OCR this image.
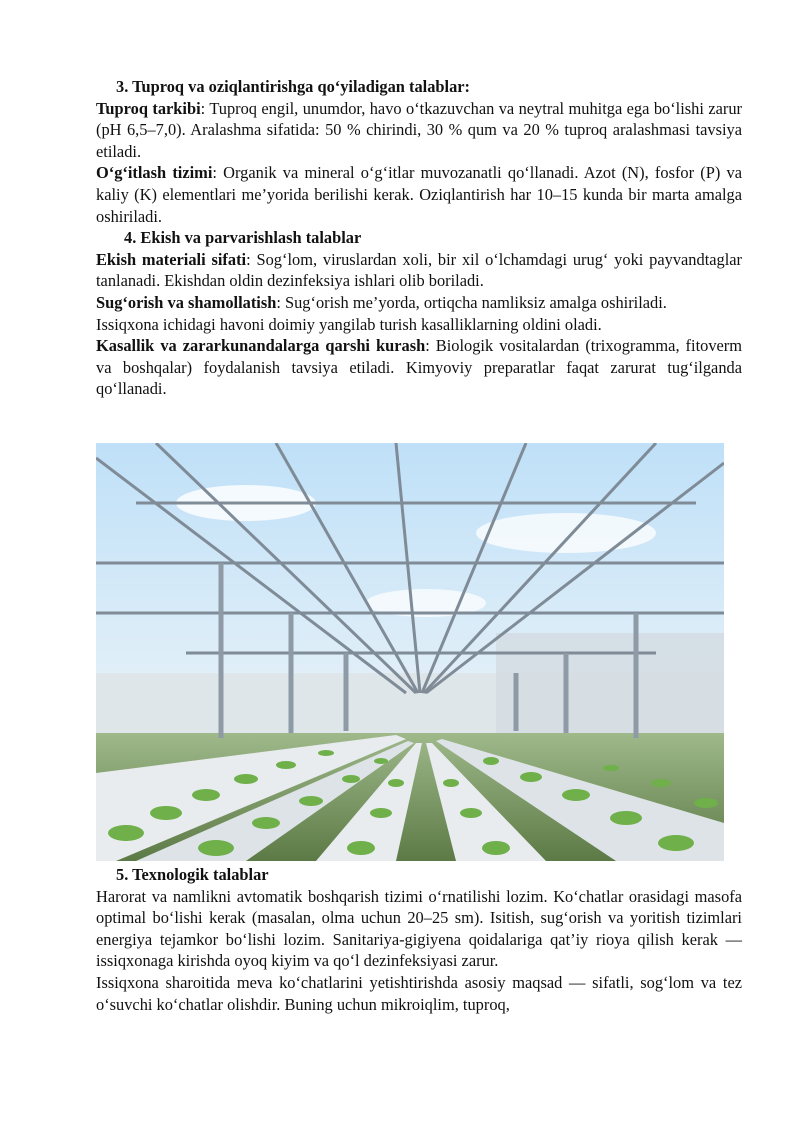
3. Tuproq va oziqlantirishga qo‘yiladigan talablar:

Tuproq tarkibi: Tuproq engil, unumdor, havo o‘tkazuvchan va neytral muhitga ega bo‘lishi zarur (pH 6,5–7,0). Aralashma sifatida: 50 % chirindi, 30 % qum va 20 % tuproq aralashmasi tavsiya etiladi.

O‘g‘itlash tizimi: Organik va mineral o‘g‘itlar muvozanatli qo‘llanadi. Azot (N), fosfor (P) va kaliy (K) elementlari me’yorida berilishi kerak. Oziqlantirish har 10–15 kunda bir marta amalga oshiriladi.

4. Ekish va parvarishlash talablar

Ekish materiali sifati: Sog‘lom, viruslardan xoli, bir xil o‘lchamdagi urug‘ yoki payvandtaglar tanlanadi. Ekishdan oldin dezinfeksiya ishlari olib boriladi.

Sug‘orish va shamollatish: Sug‘orish me’yorda, ortiqcha namliksiz amalga oshiriladi.

Issiqxona ichidagi havoni doimiy yangilab turish kasalliklarning oldini oladi.

Kasallik va zararkunandalarga qarshi kurash: Biologik vositalardan (trixogramma, fitoverm va boshqalar) foydalanish tavsiya etiladi. Kimyoviy preparatlar faqat zarurat tug‘ilganda qo‘llanadi.

5. Texnologik talablar

Harorat va namlikni avtomatik boshqarish tizimi o‘rnatilishi lozim. Ko‘chatlar orasidagi masofa optimal bo‘lishi kerak (masalan, olma uchun 20–25 sm). Isitish, sug‘orish va yoritish tizimlari energiya tejamkor bo‘lishi lozim. Sanitariya-gigiyena qoidalariga qat’iy rioya qilish kerak — issiqxonaga kirishda oyoq kiyim va qo‘l dezinfeksiyasi zarur.

Issiqxona sharoitida meva ko‘chatlarini yetishtirishda asosiy maqsad — sifatli, sog‘lom va tez o‘suvchi ko‘chatlar olishdir. Buning uchun mikroiqlim, tuproq,
